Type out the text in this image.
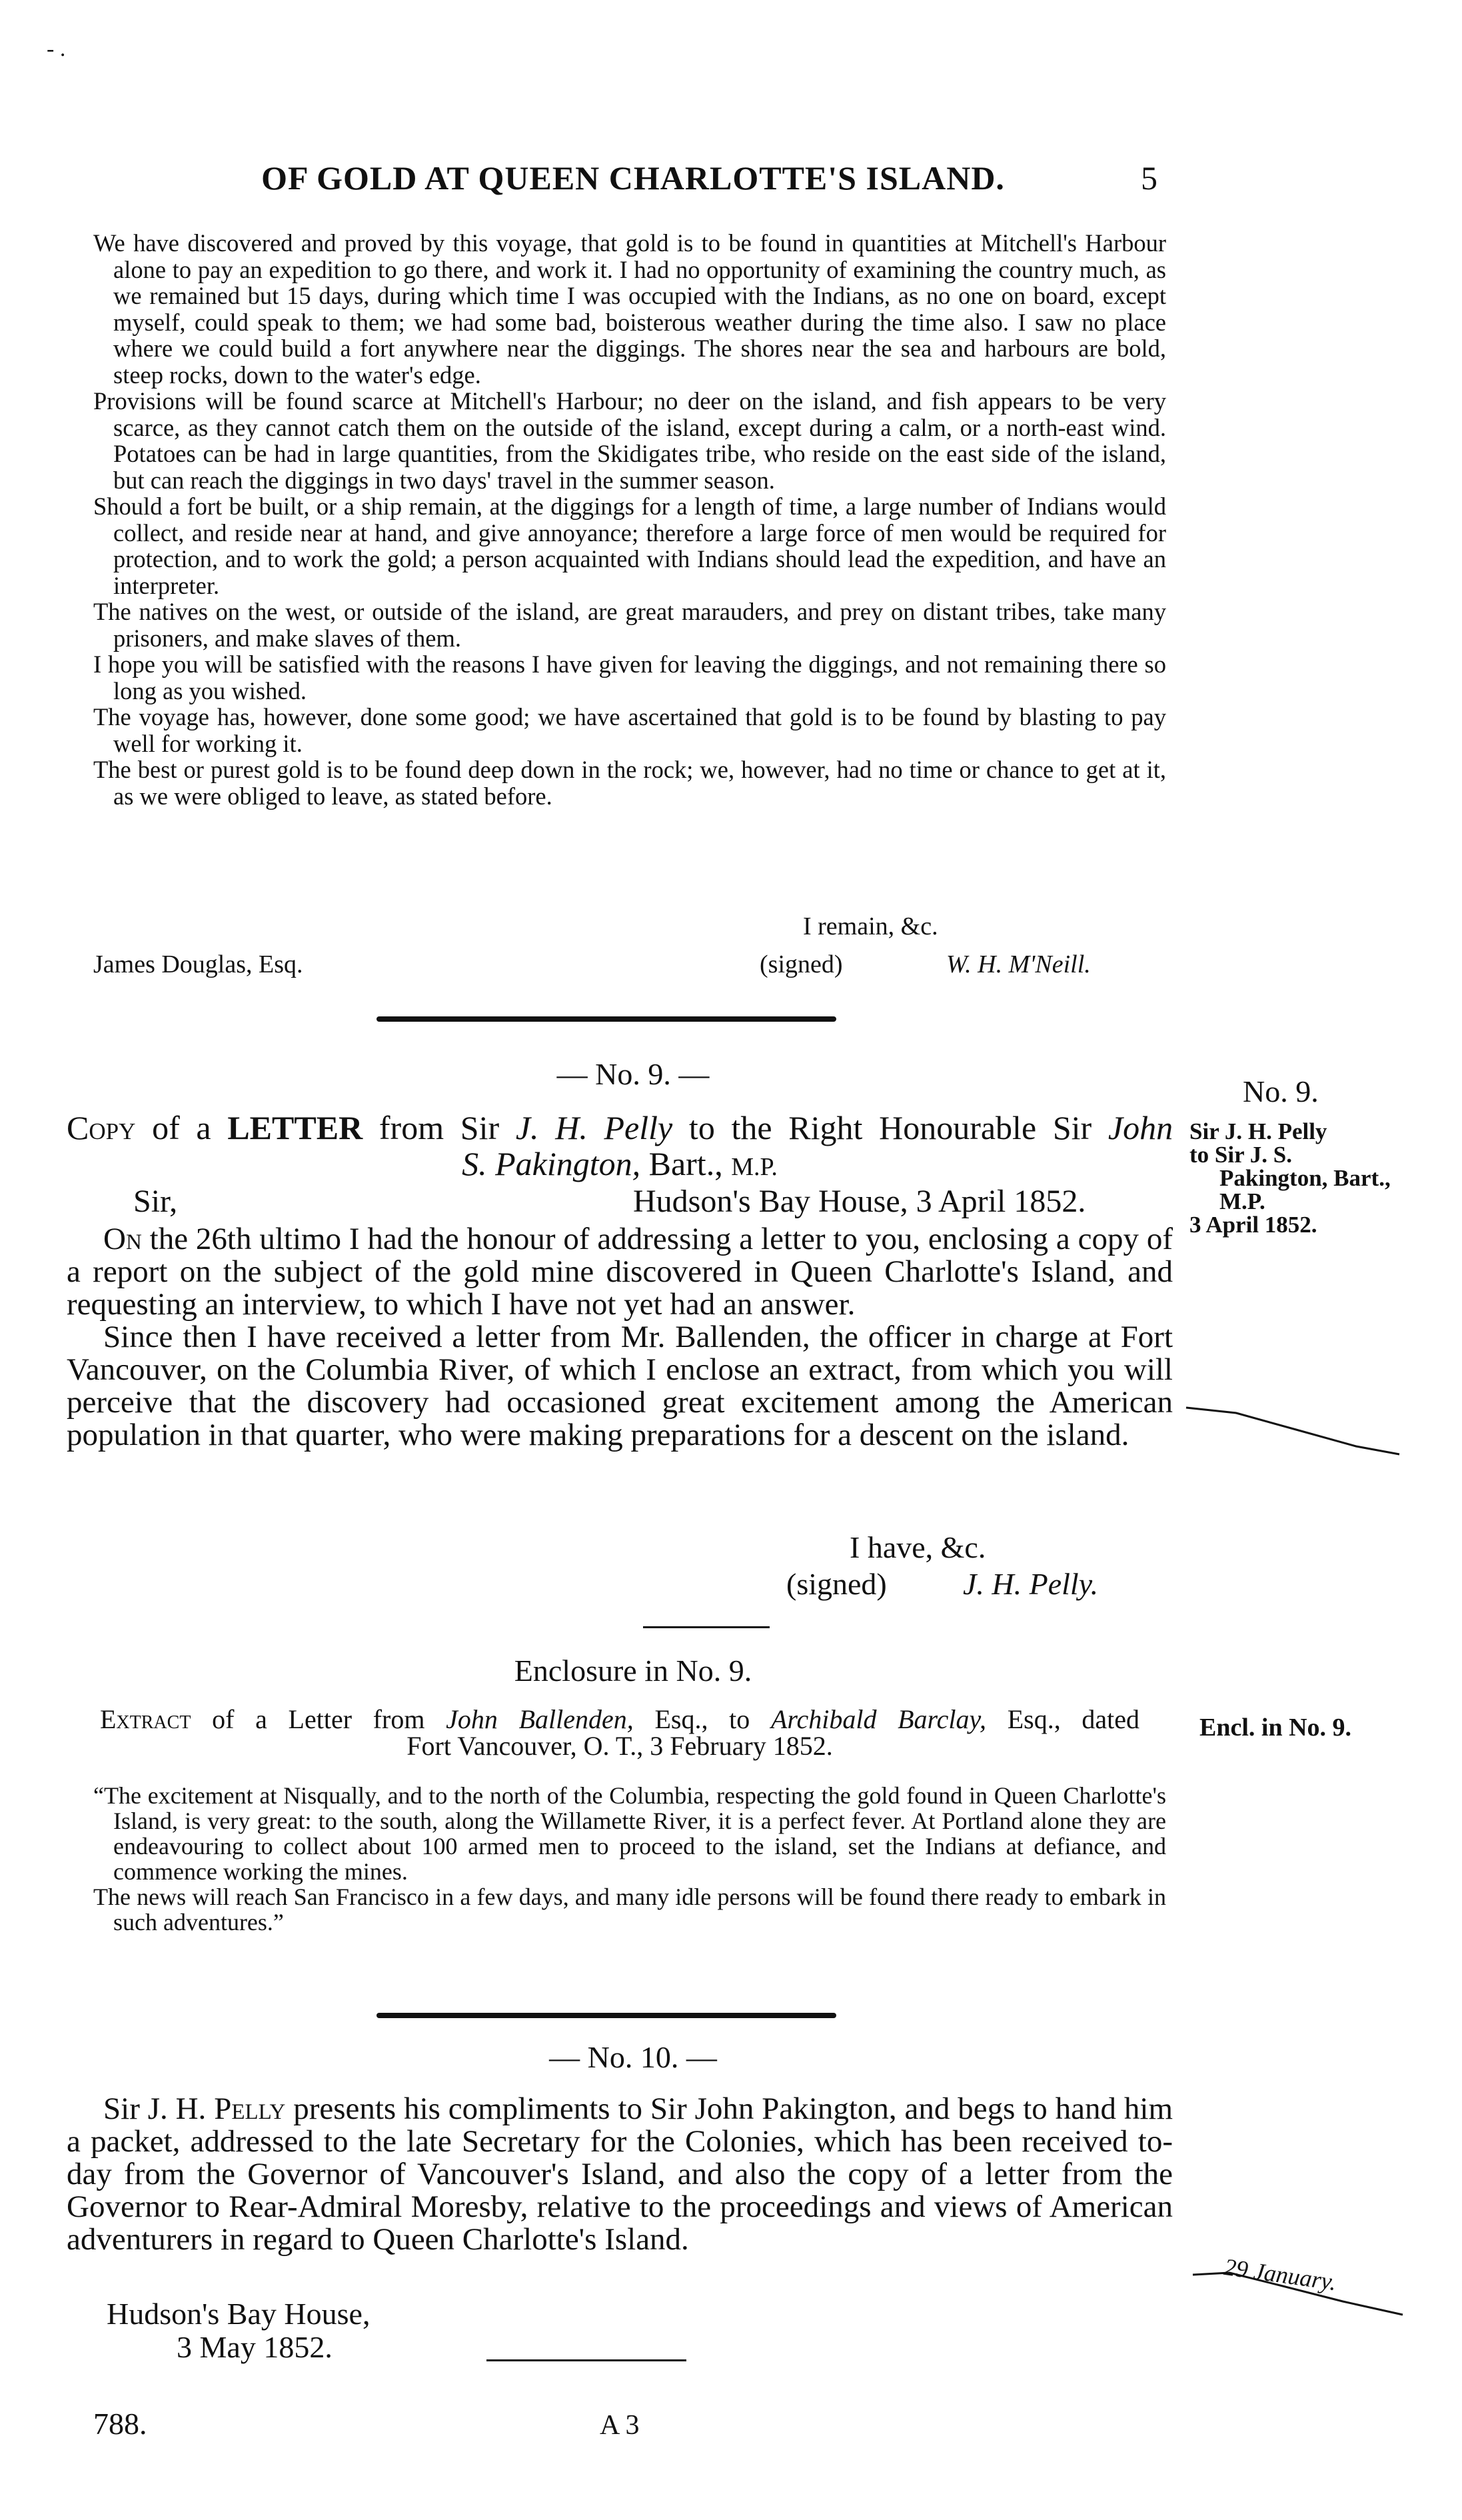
- .
OF GOLD AT QUEEN CHARLOTTE'S ISLAND.	5

We have discovered and proved by this voyage, that gold is to be found in quantities at Mitchell's Harbour alone to pay an expedition to go there, and work it. I had no opportunity of examining the country much, as we remained but 15 days, during which time I was occupied with the Indians, as no one on board, except myself, could speak to them; we had some bad, boisterous weather during the time also. I saw no place where we could build a fort anywhere near the diggings. The shores near the sea and harbours are bold, steep rocks, down to the water's edge.

Provisions will be found scarce at Mitchell's Harbour; no deer on the island, and fish appears to be very scarce, as they cannot catch them on the outside of the island, except during a calm, or a north-east wind. Potatoes can be had in large quantities, from the Skidigates tribe, who reside on the east side of the island, but can reach the diggings in two days' travel in the summer season.

Should a fort be built, or a ship remain, at the diggings for a length of time, a large number of Indians would collect, and reside near at hand, and give annoyance; therefore a large force of men would be required for protection, and to work the gold; a person acquainted with Indians should lead the expedition, and have an interpreter.

The natives on the west, or outside of the island, are great marauders, and prey on distant tribes, take many prisoners, and make slaves of them.

I hope you will be satisfied with the reasons I have given for leaving the diggings, and not remaining there so long as you wished.

The voyage has, however, done some good; we have ascertained that gold is to be found by blasting to pay well for working it.

The best or purest gold is to be found deep down in the rock; we, however, had no time or chance to get at it, as we were obliged to leave, as stated before.

I remain, &c.
James Douglas, Esq.	(signed)	W. H. M'Neill.
— No. 9. —
No. 9.
Sir J. H. Pelly
to Sir J. S. Pakington, Bart., M.P.
3 April 1852.
Copy of a LETTER from Sir J. H. Pelly to the Right Honourable Sir John
S. Pakington, Bart., M.P.
Sir,	Hudson's Bay House, 3 April 1852.

On the 26th ultimo I had the honour of addressing a letter to you, enclosing a copy of a report on the subject of the gold mine discovered in Queen Charlotte's Island, and requesting an interview, to which I have not yet had an answer.

Since then I have received a letter from Mr. Ballenden, the officer in charge at Fort Vancouver, on the Columbia River, of which I enclose an extract, from which you will perceive that the discovery had occasioned great excitement among the American population in that quarter, who were making preparations for a descent on the island.

I have, &c.
(signed) J. H. Pelly.
Enclosure in No. 9.
Encl. in No. 9.
Extract of a Letter from John Ballenden, Esq., to Archibald Barclay, Esq., dated
Fort Vancouver, O. T., 3 February 1852.

“The excitement at Nisqually, and to the north of the Columbia, respecting the gold found in Queen Charlotte's Island, is very great: to the south, along the Willamette River, it is a perfect fever. At Portland alone they are endeavouring to collect about 100 armed men to proceed to the island, set the Indians at defiance, and commence working the mines.

The news will reach San Francisco in a few days, and many idle persons will be found there ready to embark in such adventures.”

— No. 10. —

Sir J. H. Pelly presents his compliments to Sir John Pakington, and begs to hand him a packet, addressed to the late Secretary for the Colonies, which has been received to-day from the Governor of Vancouver's Island, and also the copy of a letter from the Governor to Rear-Admiral Moresby, relative to the proceedings and views of American adventurers in regard to Queen Charlotte's Island.

Hudson's Bay House,
3 May 1852.
29 January.
788.	A 3
